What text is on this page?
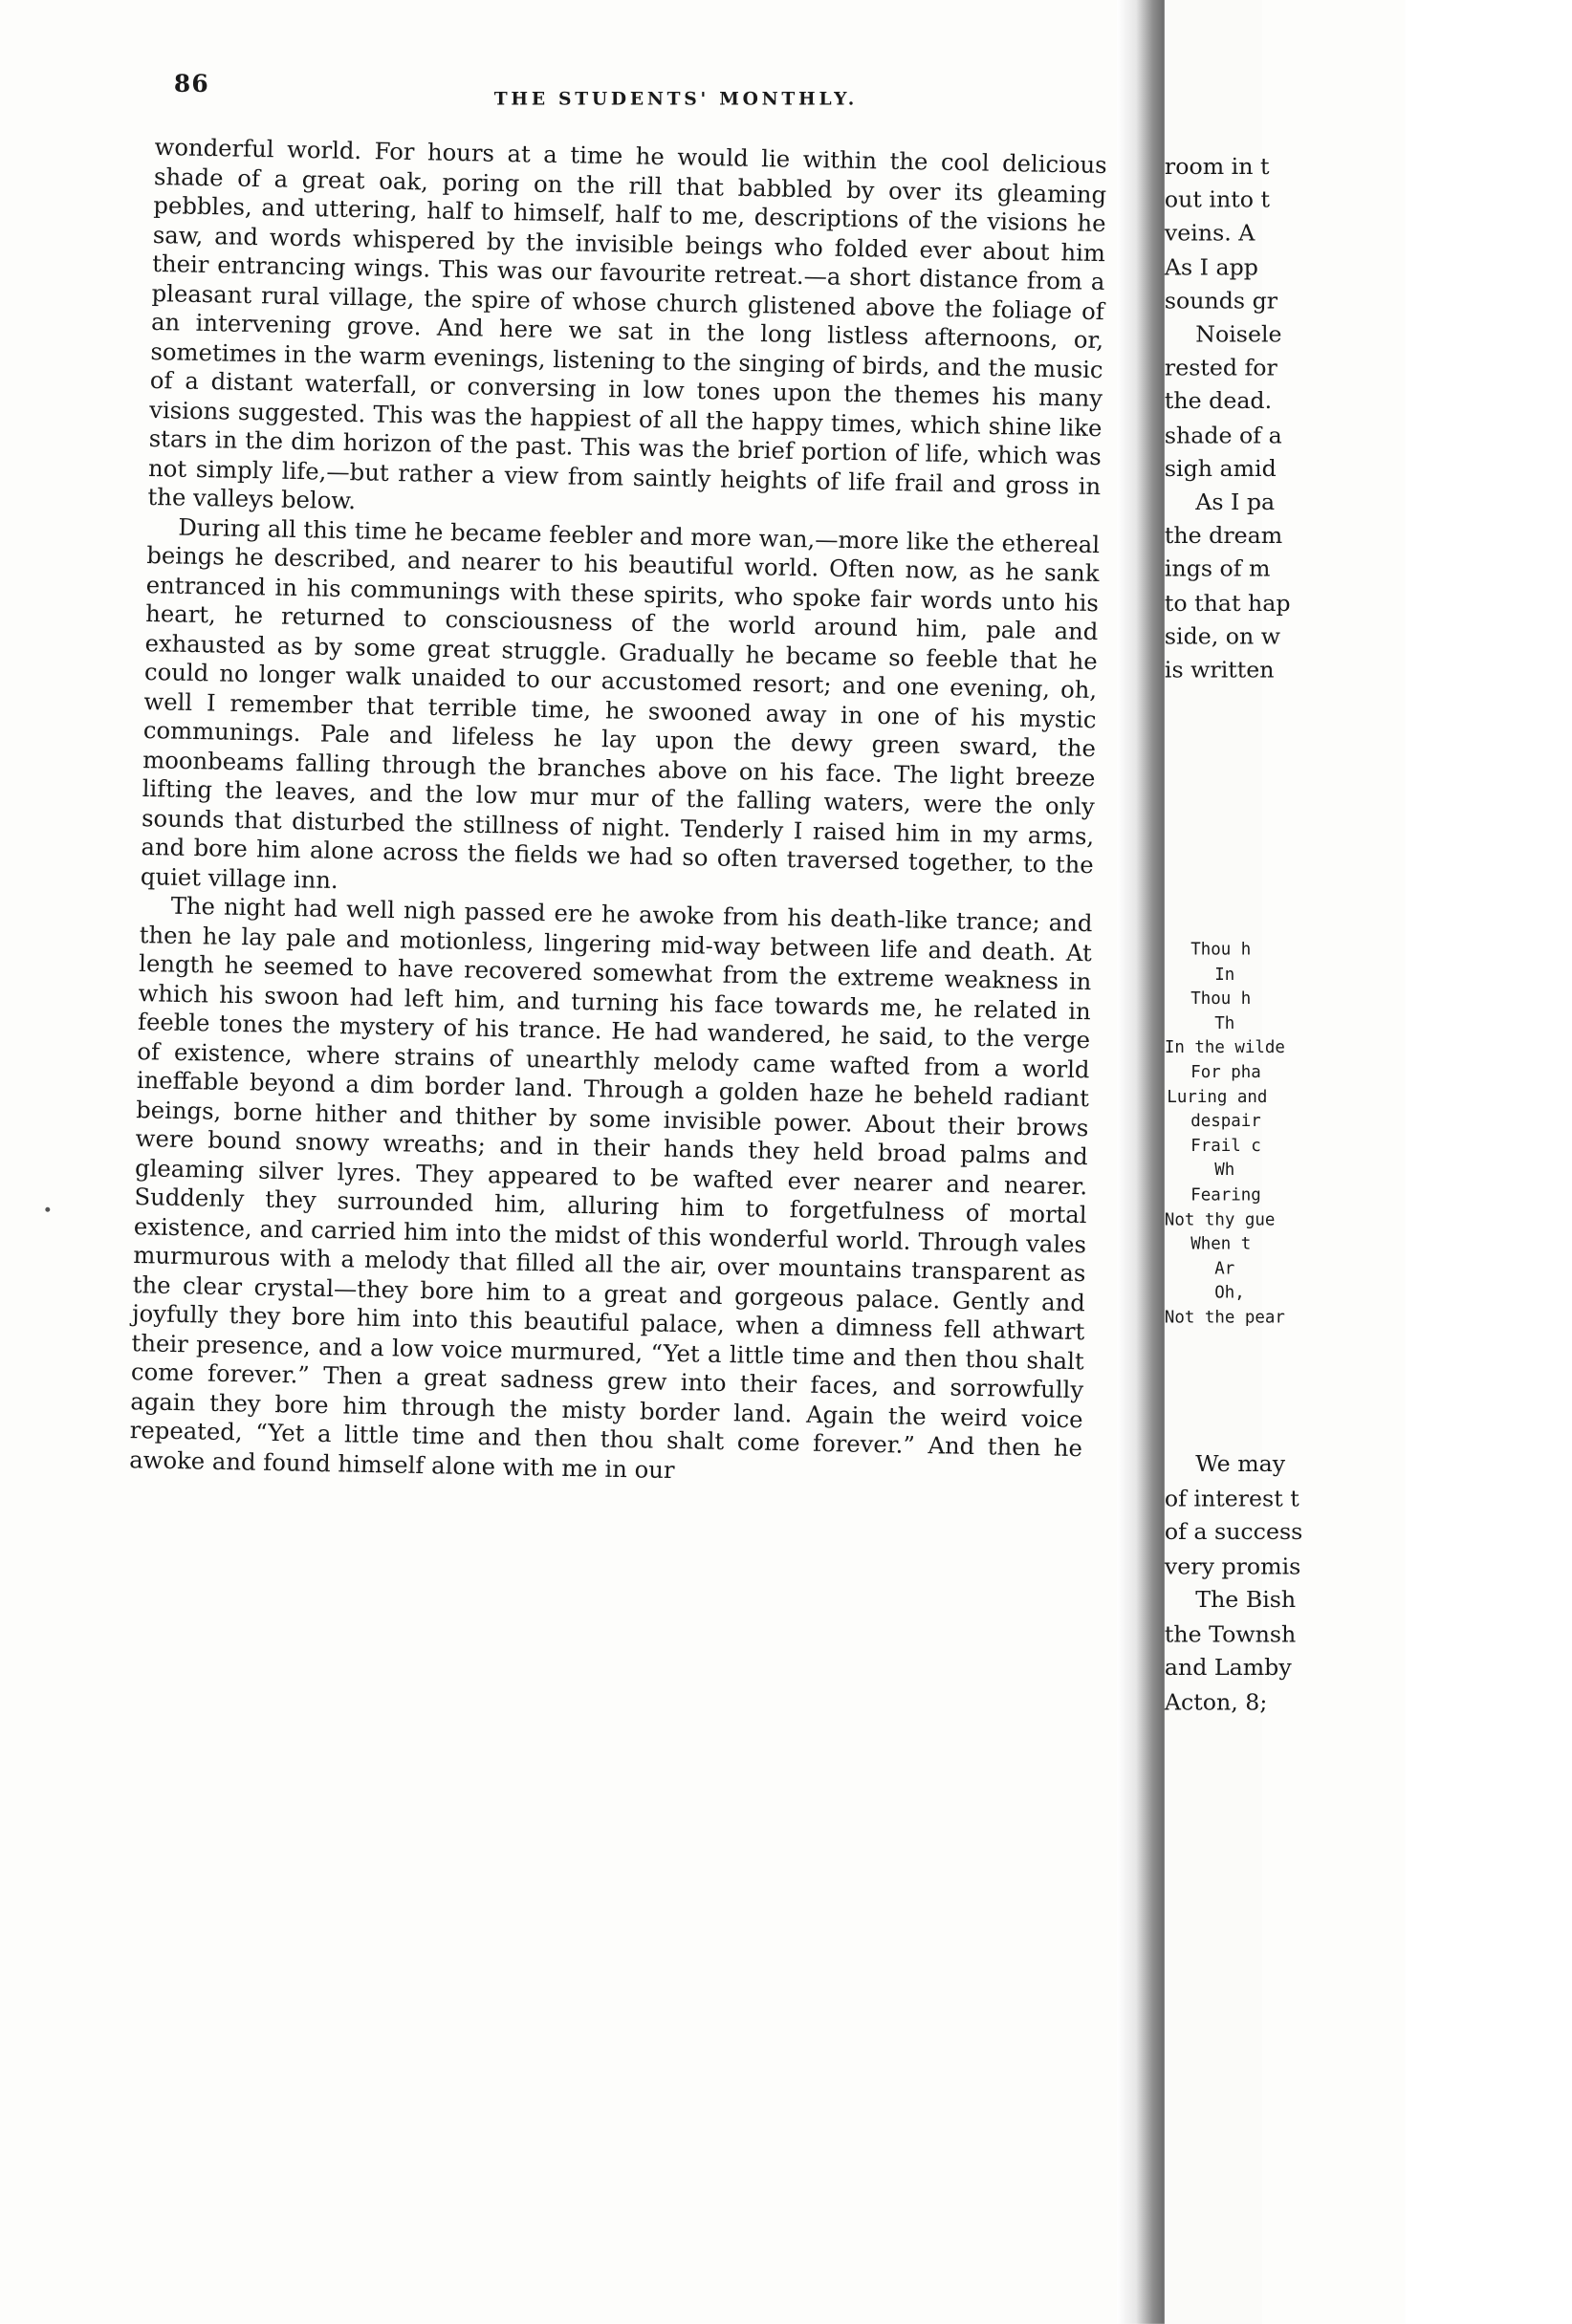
86
THE STUDENTS' MONTHLY.

wonderful world. For hours at a time he would lie within the cool delicious shade of a great oak, poring on the rill that babbled by over its gleaming pebbles, and uttering, half to himself, half to me, descriptions of the visions he saw, and words whispered by the invisible beings who folded ever about him their entrancing wings. This was our favourite retreat.—a short distance from a pleasant rural village, the spire of whose church glistened above the foliage of an intervening grove. And here we sat in the long listless afternoons, or, sometimes in the warm evenings, listening to the singing of birds, and the music of a distant waterfall, or conversing in low tones upon the themes his many visions suggested. This was the happiest of all the happy times, which shine like stars in the dim horizon of the past. This was the brief portion of life, which was not simply life,—but rather a view from saintly heights of life frail and gross in the valleys below.

During all this time he became feebler and more wan,—more like the ethereal beings he described, and nearer to his beautiful world. Often now, as he sank entranced in his communings with these spirits, who spoke fair words unto his heart, he returned to consciousness of the world around him, pale and exhausted as by some great struggle. Gradually he became so feeble that he could no longer walk unaided to our accustomed resort; and one evening, oh, well I remember that terrible time, he swooned away in one of his mystic communings. Pale and lifeless he lay upon the dewy green sward, the moonbeams falling through the branches above on his face. The light breeze lifting the leaves, and the low mur mur of the falling waters, were the only sounds that disturbed the stillness of night. Tenderly I raised him in my arms, and bore him alone across the fields we had so often traversed together, to the quiet village inn.

The night had well nigh passed ere he awoke from his death-like trance; and then he lay pale and motionless, lingering mid-way between life and death. At length he seemed to have recovered somewhat from the extreme weakness in which his swoon had left him, and turning his face towards me, he related in feeble tones the mystery of his trance. He had wandered, he said, to the verge of existence, where strains of unearthly melody came wafted from a world ineffable beyond a dim border land. Through a golden haze he beheld radiant beings, borne hither and thither by some invisible power. About their brows were bound snowy wreaths; and in their hands they held broad palms and gleaming silver lyres. They appeared to be wafted ever nearer and nearer. Suddenly they surrounded him, alluring him to forgetfulness of mortal existence, and carried him into the midst of this wonderful world. Through vales murmurous with a melody that filled all the air, over mountains transparent as the clear crystal—they bore him to a great and gorgeous palace. Gently and joyfully they bore him into this beautiful palace, when a dimness fell athwart their presence, and a low voice murmured, “Yet a little time and then thou shalt come forever.” Then a great sadness grew into their faces, and sorrowfully again they bore him through the misty border land. Again the weird voice repeated, “Yet a little time and then thou shalt come forever.” And then he awoke and found himself alone with me in our

room in t
out into t
veins. A
As I app
sounds gr
Noisele
rested for
the dead.
shade of a
sigh amid
As I pa
the dream
ings of m
to that hap
side, on w
is written
Thou h
In
Thou h
Th
In the wilde
For pha
Luring and
despair
Frail c
Wh
Fearing
Not thy gue
When t
Ar
Oh,
Not the pear
We may
of interest t
of a success
very promis
The Bish
the Townsh
and Lamby
Acton, 8;
